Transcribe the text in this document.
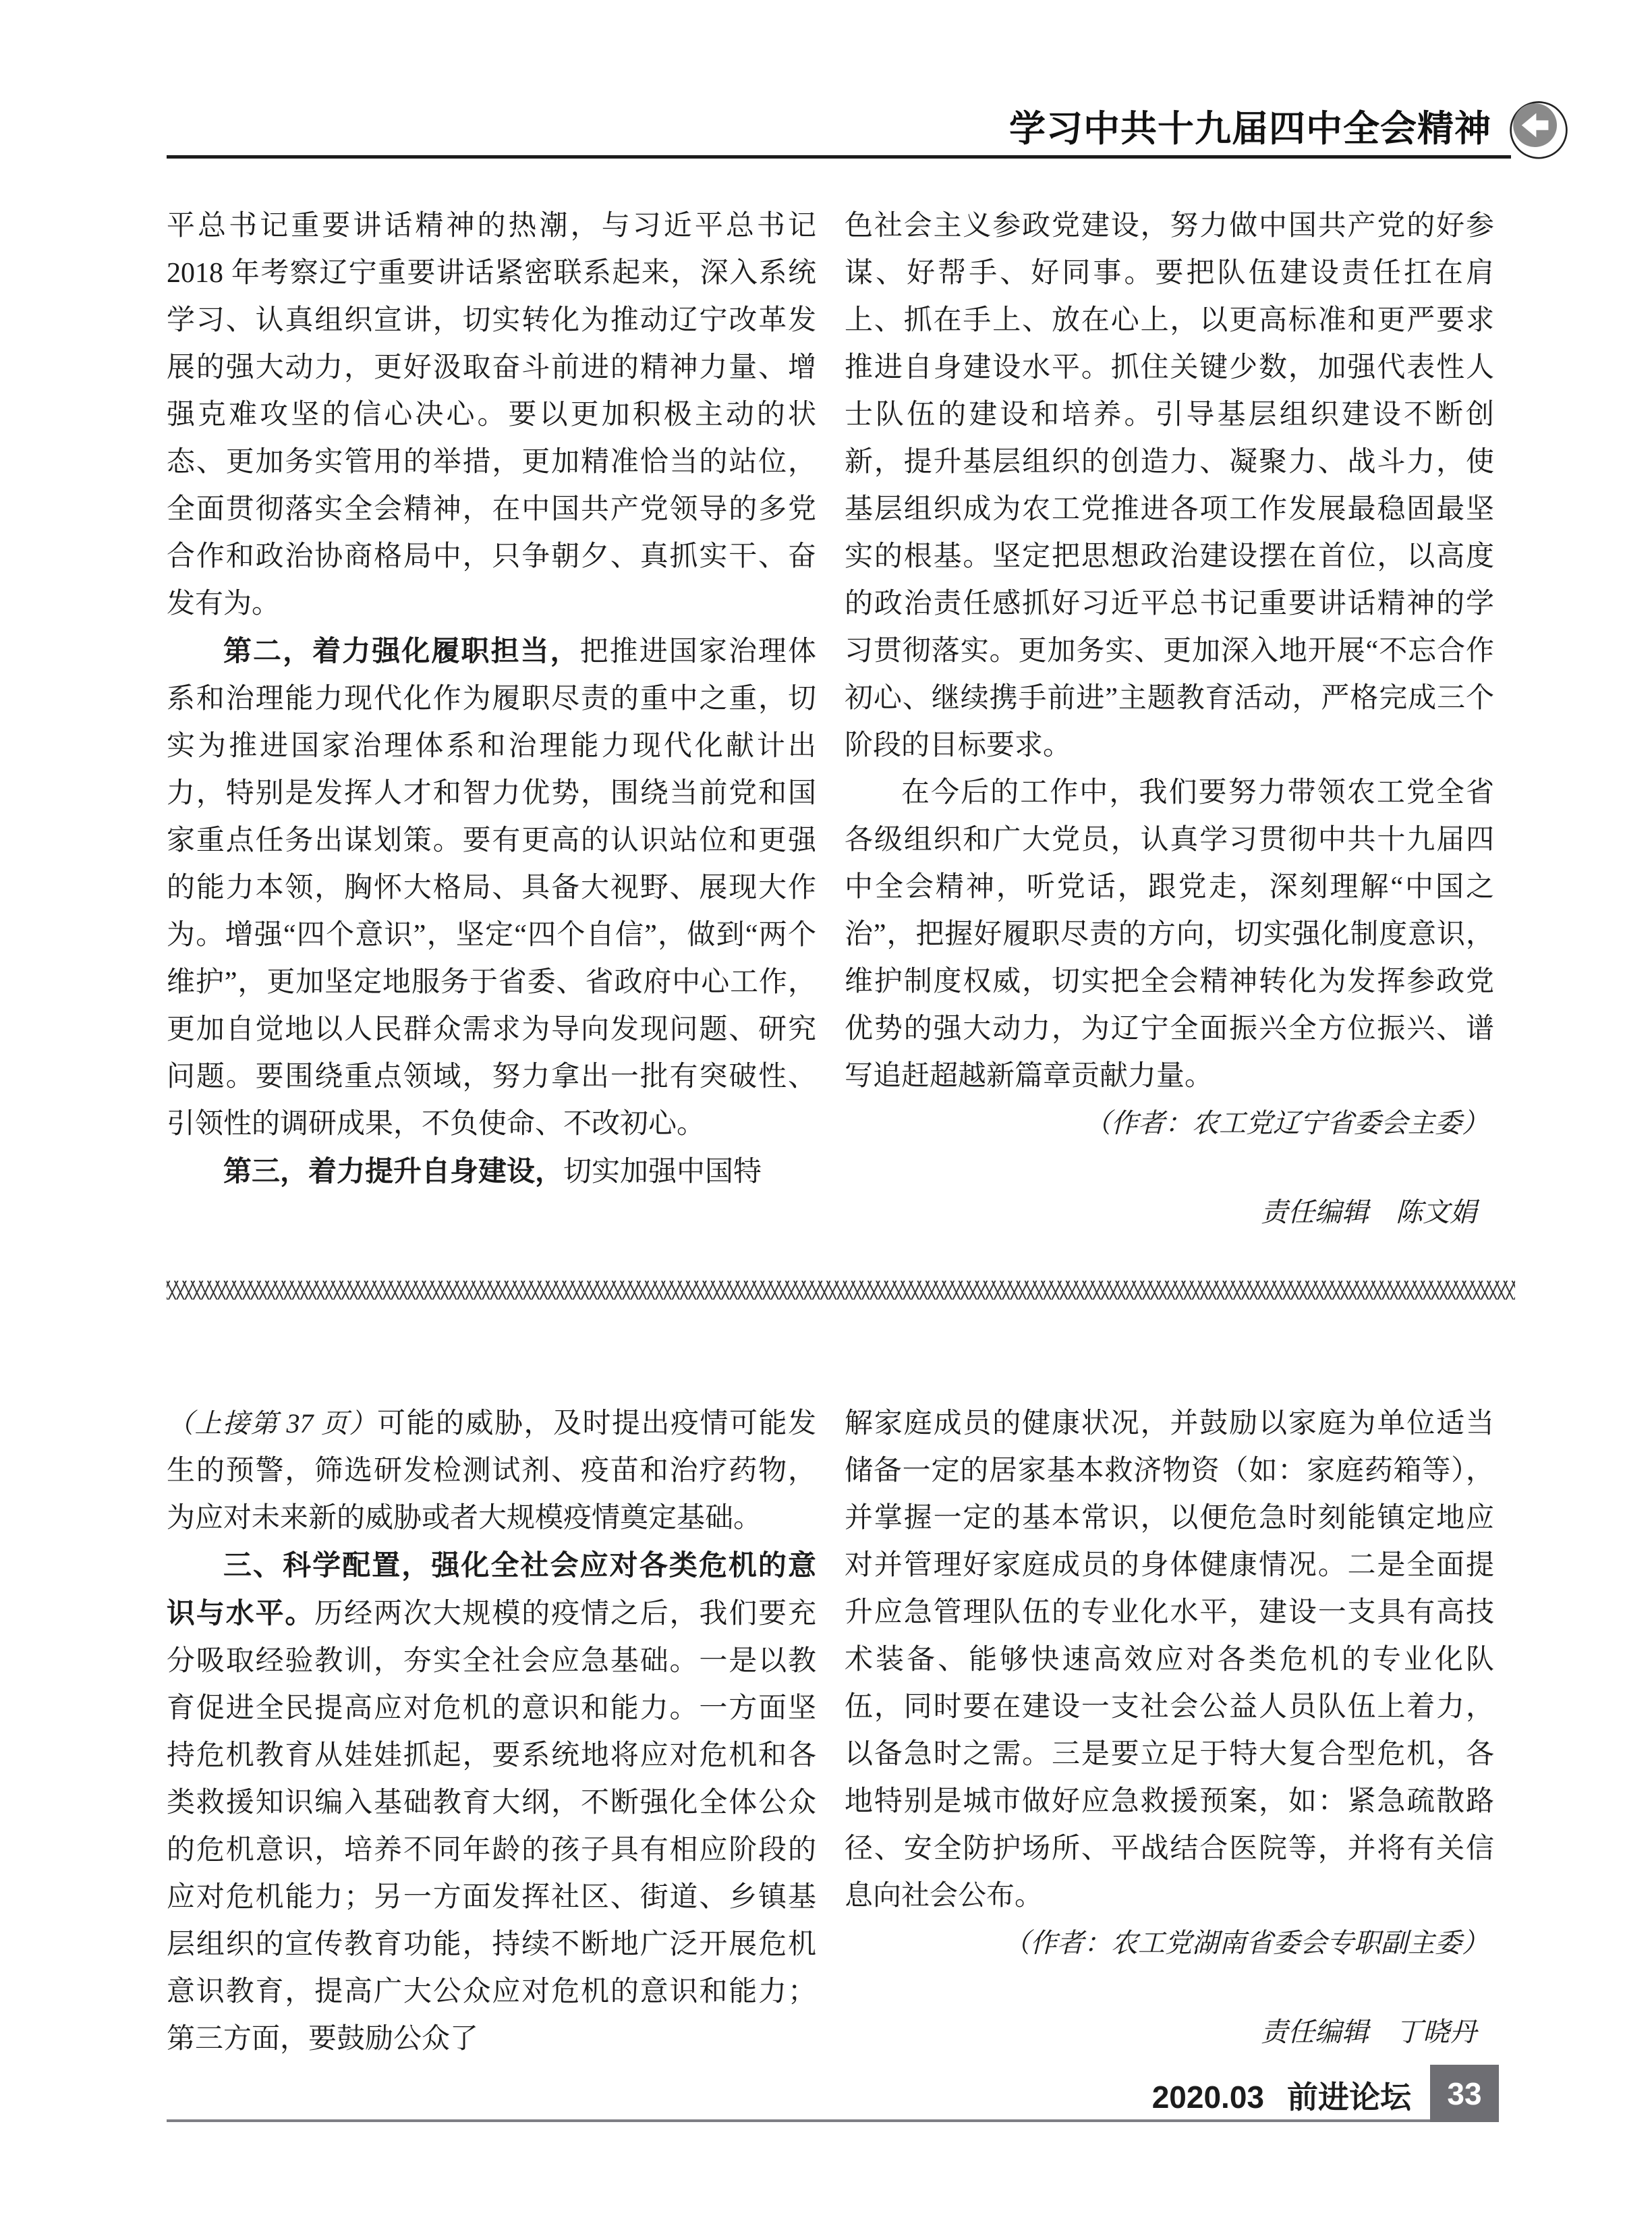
学习中共十九届四中全会精神

平总书记重要讲话精神的热潮，与习近平总书记2018 年考察辽宁重要讲话紧密联系起来，深入系统学习、认真组织宣讲，切实转化为推动辽宁改革发展的强大动力，更好汲取奋斗前进的精神力量、增强克难攻坚的信心决心。要以更加积极主动的状态、更加务实管用的举措，更加精准恰当的站位，全面贯彻落实全会精神，在中国共产党领导的多党合作和政治协商格局中，只争朝夕、真抓实干、奋发有为。

第二，着力强化履职担当，把推进国家治理体系和治理能力现代化作为履职尽责的重中之重，切实为推进国家治理体系和治理能力现代化献计出力，特别是发挥人才和智力优势，围绕当前党和国家重点任务出谋划策。要有更高的认识站位和更强的能力本领，胸怀大格局、具备大视野、展现大作为。增强“四个意识”，坚定“四个自信”，做到“两个维护”，更加坚定地服务于省委、省政府中心工作，更加自觉地以人民群众需求为导向发现问题、研究问题。要围绕重点领域，努力拿出一批有突破性、引领性的调研成果，不负使命、不改初心。

第三，着力提升自身建设，切实加强中国特

色社会主义参政党建设，努力做中国共产党的好参谋、好帮手、好同事。要把队伍建设责任扛在肩上、抓在手上、放在心上，以更高标准和更严要求推进自身建设水平。抓住关键少数，加强代表性人士队伍的建设和培养。引导基层组织建设不断创新，提升基层组织的创造力、凝聚力、战斗力，使基层组织成为农工党推进各项工作发展最稳固最坚实的根基。坚定把思想政治建设摆在首位，以高度的政治责任感抓好习近平总书记重要讲话精神的学习贯彻落实。更加务实、更加深入地开展“不忘合作初心、继续携手前进”主题教育活动，严格完成三个阶段的目标要求。

在今后的工作中，我们要努力带领农工党全省各级组织和广大党员，认真学习贯彻中共十九届四中全会精神，听党话，跟党走，深刻理解“中国之治”，把握好履职尽责的方向，切实强化制度意识，维护制度权威，切实把全会精神转化为发挥参政党优势的强大动力，为辽宁全面振兴全方位振兴、谱写追赶超越新篇章贡献力量。

（作者：农工党辽宁省委会主委）

责任编辑　陈文娟

（上接第 37 页）可能的威胁，及时提出疫情可能发生的预警，筛选研发检测试剂、疫苗和治疗药物，为应对未来新的威胁或者大规模疫情奠定基础。

三、科学配置，强化全社会应对各类危机的意识与水平。历经两次大规模的疫情之后，我们要充分吸取经验教训，夯实全社会应急基础。一是以教育促进全民提高应对危机的意识和能力。一方面坚持危机教育从娃娃抓起，要系统地将应对危机和各类救援知识编入基础教育大纲，不断强化全体公众的危机意识，培养不同年龄的孩子具有相应阶段的应对危机能力；另一方面发挥社区、街道、乡镇基层组织的宣传教育功能，持续不断地广泛开展危机意识教育，提高广大公众应对危机的意识和能力；第三方面，要鼓励公众了

解家庭成员的健康状况，并鼓励以家庭为单位适当储备一定的居家基本救济物资（如：家庭药箱等），并掌握一定的基本常识，以便危急时刻能镇定地应对并管理好家庭成员的身体健康情况。二是全面提升应急管理队伍的专业化水平，建设一支具有高技术装备、能够快速高效应对各类危机的专业化队伍，同时要在建设一支社会公益人员队伍上着力，以备急时之需。三是要立足于特大复合型危机，各地特别是城市做好应急救援预案，如：紧急疏散路径、安全防护场所、平战结合医院等，并将有关信息向社会公布。

（作者：农工党湖南省委会专职副主委）

责任编辑　丁晓丹

2020.03 前进论坛 33
